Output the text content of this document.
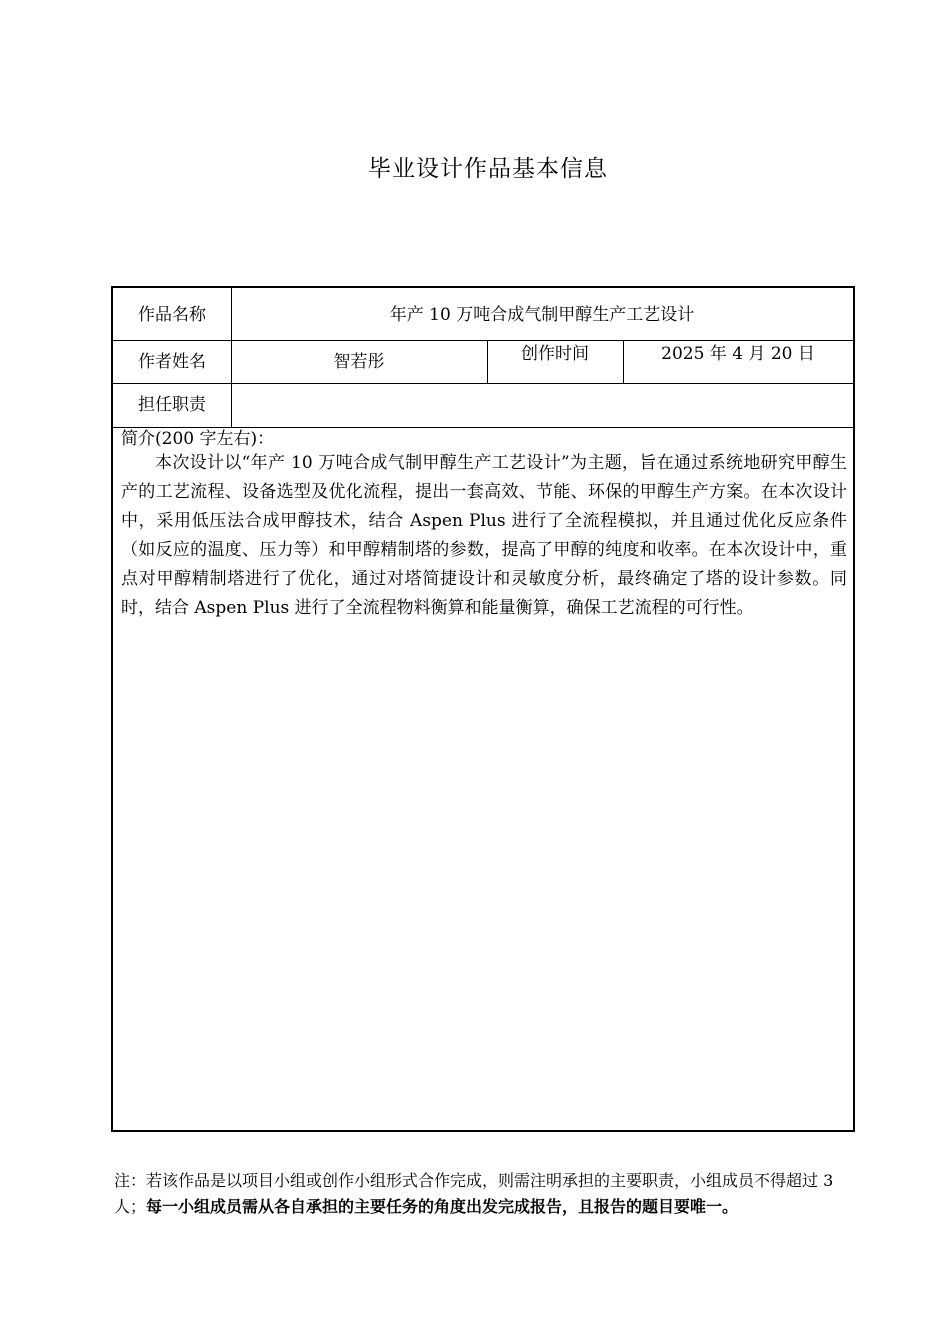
毕业设计作品基本信息
作品名称	年产 10 万吨合成气制甲醇生产工艺设计
作者姓名	智若彤	创作时间	2025 年 4 月 20 日
担任职责
简介(200 字左右)：

本次设计以“年产 10 万吨合成气制甲醇生产工艺设计”为主题，旨在通过系统地研究甲醇生产的工艺流程、设备选型及优化流程，提出一套高效、节能、环保的甲醇生产方案。在本次设计中，采用低压法合成甲醇技术，结合 Aspen Plus 进行了全流程模拟，并且通过优化反应条件（如反应的温度、压力等）和甲醇精制塔的参数，提高了甲醇的纯度和收率。在本次设计中，重点对甲醇精制塔进行了优化，通过对塔简捷设计和灵敏度分析，最终确定了塔的设计参数。同时，结合 Aspen Plus 进行了全流程物料衡算和能量衡算，确保工艺流程的可行性。

注：若该作品是以项目小组或创作小组形式合作完成，则需注明承担的主要职责，小组成员不得超过 3 人；每一小组成员需从各自承担的主要任务的角度出发完成报告，且报告的题目要唯一。
